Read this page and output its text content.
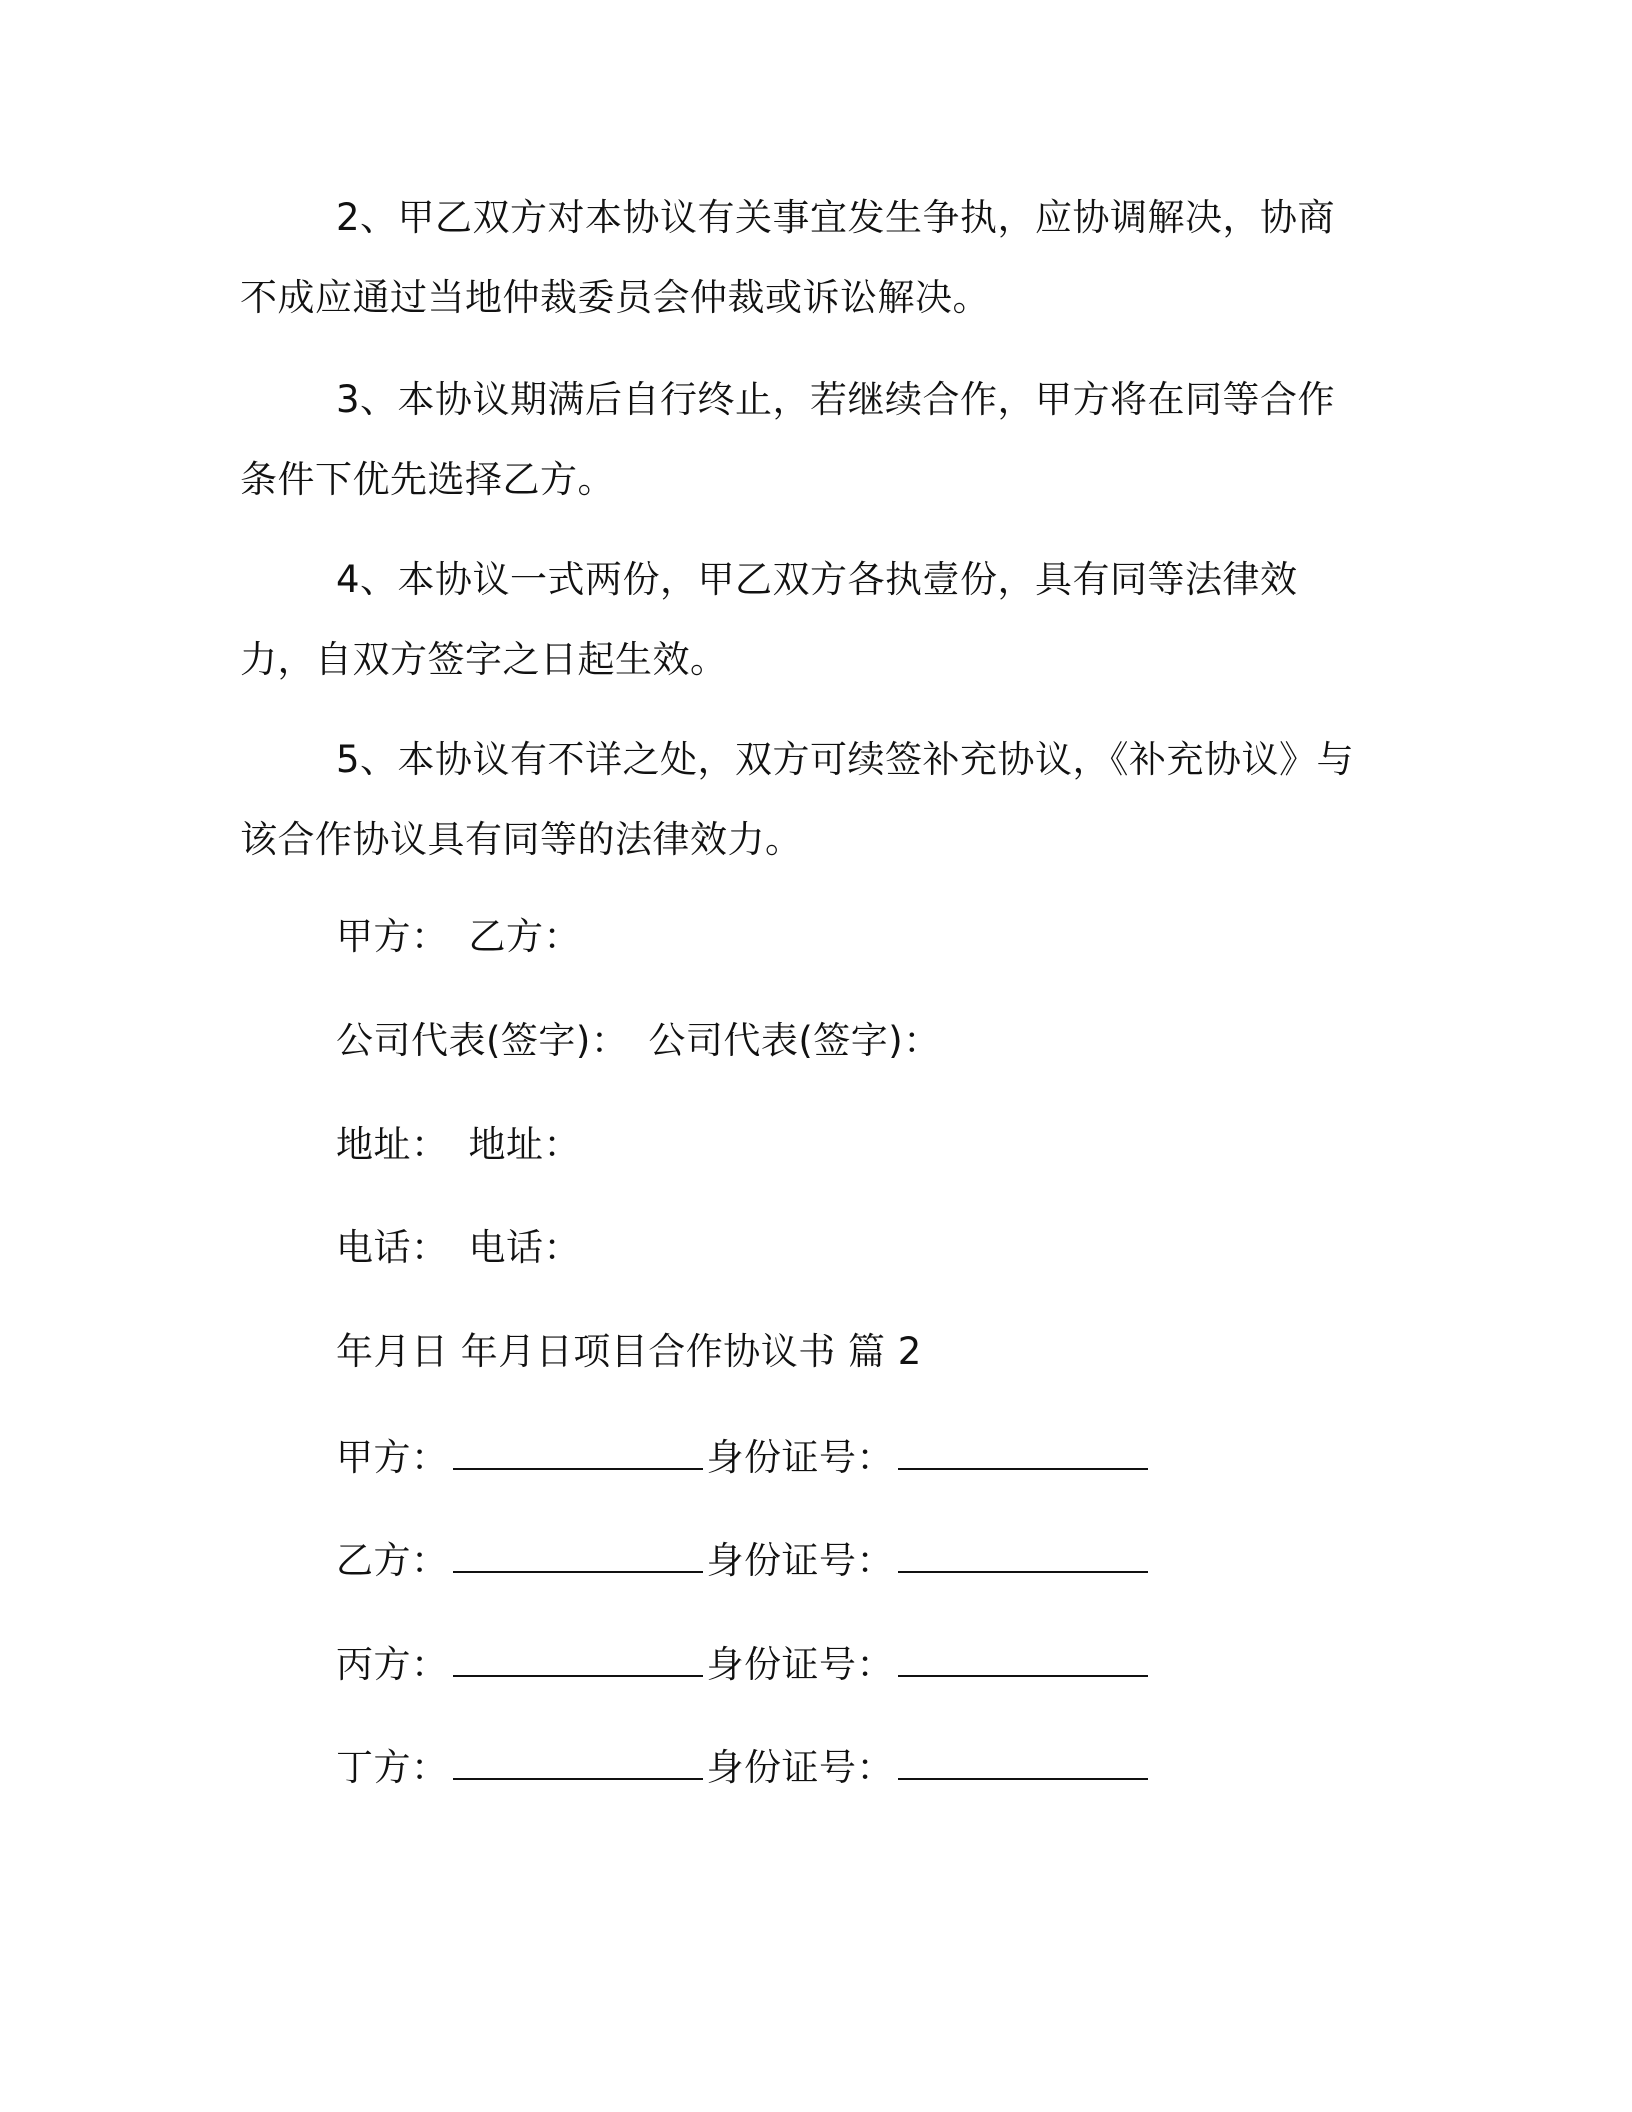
2、甲乙双方对本协议有关事宜发生争执，应协调解决，协商不成应通过当地仲裁委员会仲裁或诉讼解决。

3、本协议期满后自行终止，若继续合作，甲方将在同等合作条件下优先选择乙方。

4、本协议一式两份，甲乙双方各执壹份，具有同等法律效力，自双方签字之日起生效。

5、本协议有不详之处，双方可续签补充协议，《补充协议》与该合作协议具有同等的法律效力。

甲方： 乙方：
公司代表(签字)： 公司代表(签字)：
地址： 地址：
电话： 电话：
年月日 年月日项目合作协议书 篇 2
甲方：	身份证号：
乙方：	身份证号：
丙方：	身份证号：
丁方：	身份证号：
